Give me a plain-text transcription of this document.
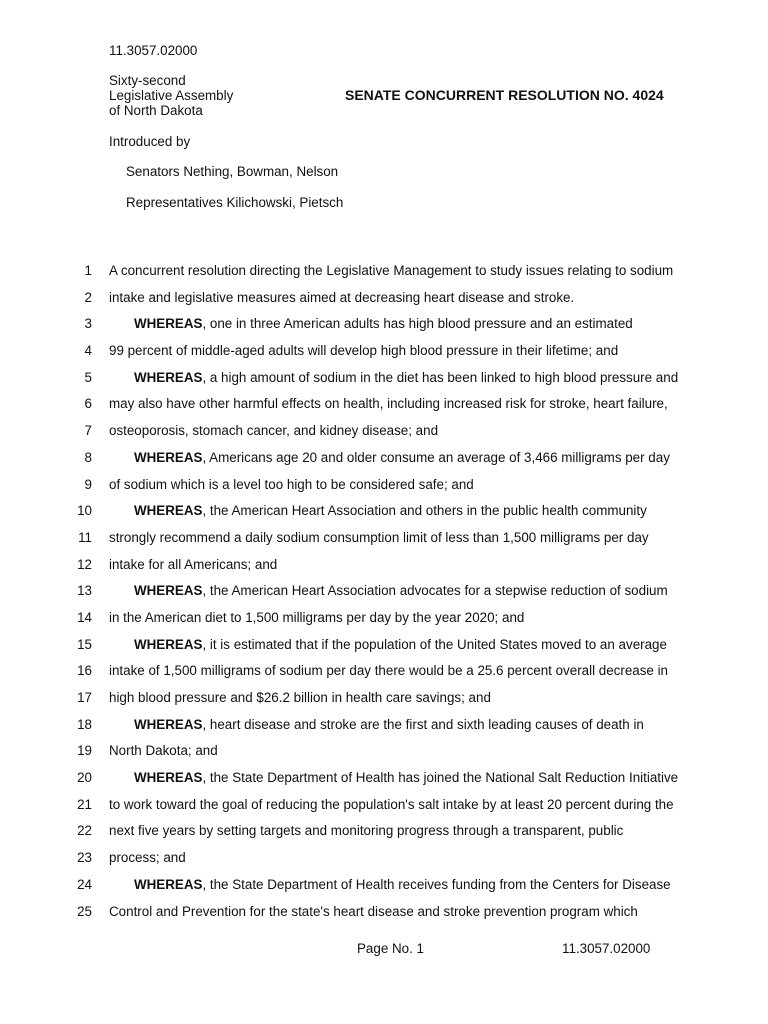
11.3057.02000
Sixty-second
Legislative Assembly
of North Dakota
SENATE CONCURRENT RESOLUTION NO. 4024
Introduced by
Senators Nething, Bowman, Nelson
Representatives Kilichowski, Pietsch
1 A concurrent resolution directing the Legislative Management to study issues relating to sodium
2 intake and legislative measures aimed at decreasing heart disease and stroke.
3	WHEREAS, one in three American adults has high blood pressure and an estimated
4 99 percent of middle-aged adults will develop high blood pressure in their lifetime; and
5	WHEREAS, a high amount of sodium in the diet has been linked to high blood pressure and
6 may also have other harmful effects on health, including increased risk for stroke, heart failure,
7 osteoporosis, stomach cancer, and kidney disease; and
8	WHEREAS, Americans age 20 and older consume an average of 3,466 milligrams per day
9 of sodium which is a level too high to be considered safe; and
10	WHEREAS, the American Heart Association and others in the public health community
11 strongly recommend a daily sodium consumption limit of less than 1,500 milligrams per day
12 intake for all Americans; and
13	WHEREAS, the American Heart Association advocates for a stepwise reduction of sodium
14 in the American diet to 1,500 milligrams per day by the year 2020; and
15	WHEREAS, it is estimated that if the population of the United States moved to an average
16 intake of 1,500 milligrams of sodium per day there would be a 25.6 percent overall decrease in
17 high blood pressure and $26.2 billion in health care savings; and
18	WHEREAS, heart disease and stroke are the first and sixth leading causes of death in
19 North Dakota; and
20	WHEREAS, the State Department of Health has joined the National Salt Reduction Initiative
21 to work toward the goal of reducing the population's salt intake by at least 20 percent during the
22 next five years by setting targets and monitoring progress through a transparent, public
23 process; and
24	WHEREAS, the State Department of Health receives funding from the Centers for Disease
25 Control and Prevention for the state's heart disease and stroke prevention program which
Page No. 1	11.3057.02000
